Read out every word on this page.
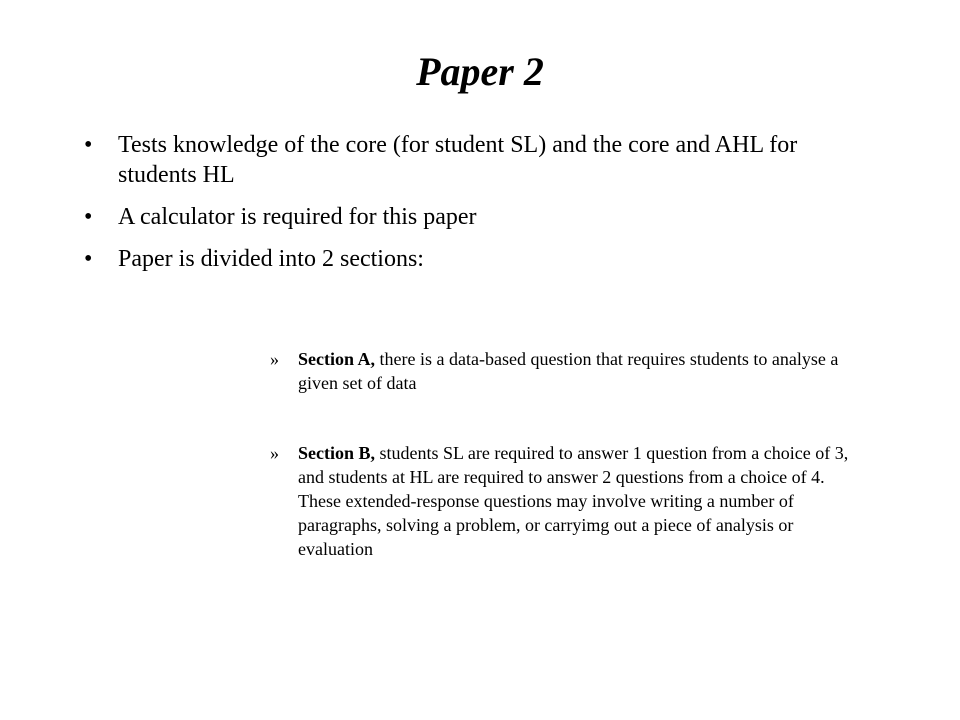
Paper 2
• Tests knowledge of the core (for student SL) and the core and AHL for students HL
• A calculator is required for this paper
• Paper is divided into 2 sections:
» Section A, there is a data-based question that requires students to analyse a given set of data
» Section B, students SL are required to answer 1 question from a choice of 3, and students at HL are required to answer 2 questions from a choice of 4. These extended-response questions may involve writing a number of paragraphs, solving a problem, or carryimg out a piece of analysis or evaluation
